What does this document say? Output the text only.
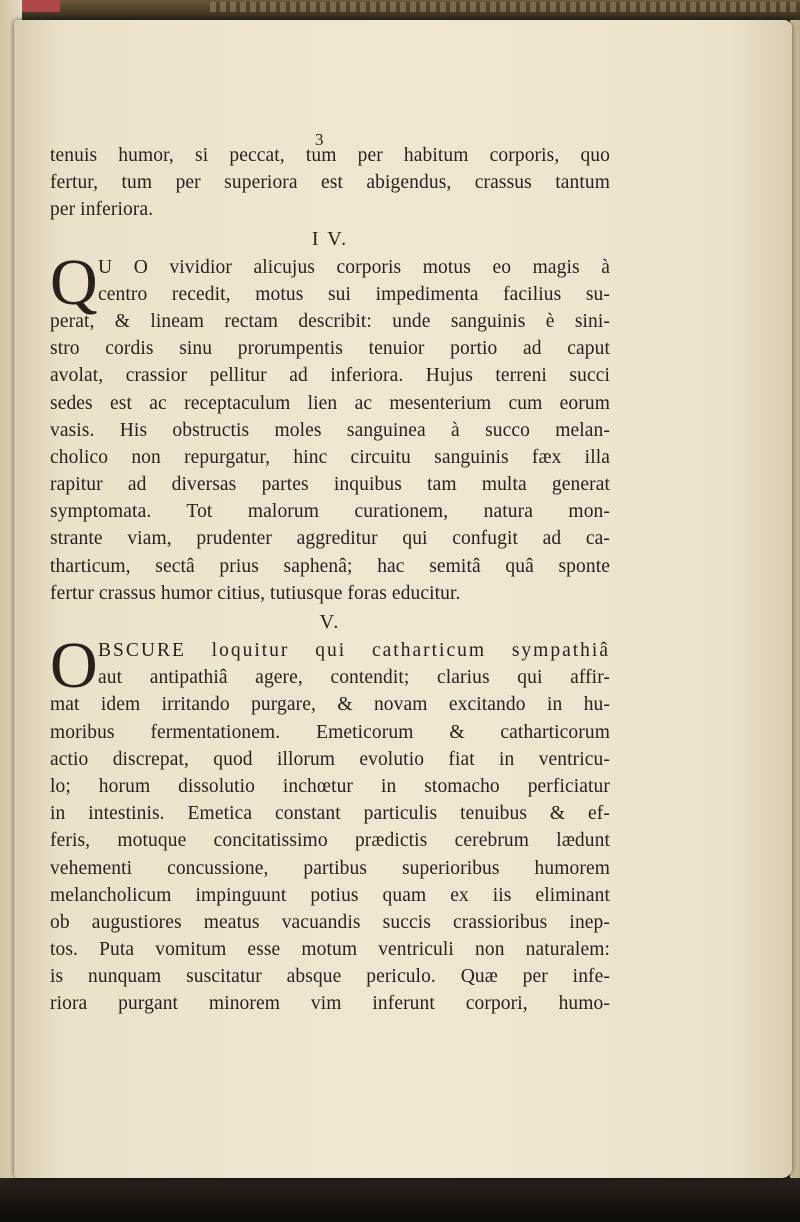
3
tenuis humor, si peccat, tum per habitum corporis, quo
fertur, tum per superiora est abigendus, crassus tantum
per inferiora.
I V.
Q U O vividior alicujus corporis motus eo magis à
centro recedit, motus sui impedimenta facilius su-
perat, & lineam rectam describit: unde sanguinis è sini-
stro cordis sinu prorumpentis tenuior portio ad caput
avolat, crassior pellitur ad inferiora. Hujus terreni succi
sedes est ac receptaculum lien ac mesenterium cum eorum
vasis. His obstructis moles sanguinea à succo melan-
cholico non repurgatur, hinc circuitu sanguinis fæx illa
rapitur ad diversas partes inquibus tam multa generat
symptomata. Tot malorum curationem, natura mon-
strante viam, prudenter aggreditur qui confugit ad ca-
tharticum, sectâ prius saphenâ; hac semitâ quâ sponte
fertur crassus humor citius, tutiusque foras educitur.
V.
O BSCURE loquitur qui catharticum sympathiâ
aut antipathiâ agere, contendit; clarius qui affir-
mat idem irritando purgare, & novam excitando in hu-
moribus fermentationem. Emeticorum & catharticorum
actio discrepat, quod illorum evolutio fiat in ventricu-
lo; horum dissolutio inchœtur in stomacho perficiatur
in intestinis. Emetica constant particulis tenuibus & ef-
feris, motuque concitatissimo prædictis cerebrum lædunt
vehementi concussione, partibus superioribus humorem
melancholicum impinguunt potius quam ex iis eliminant
ob augustiores meatus vacuandis succis crassioribus inep-
tos. Puta vomitum esse motum ventriculi non naturalem:
is nunquam suscitatur absque periculo. Quæ per infe-
riora purgant minorem vim inferunt corpori, humo-
